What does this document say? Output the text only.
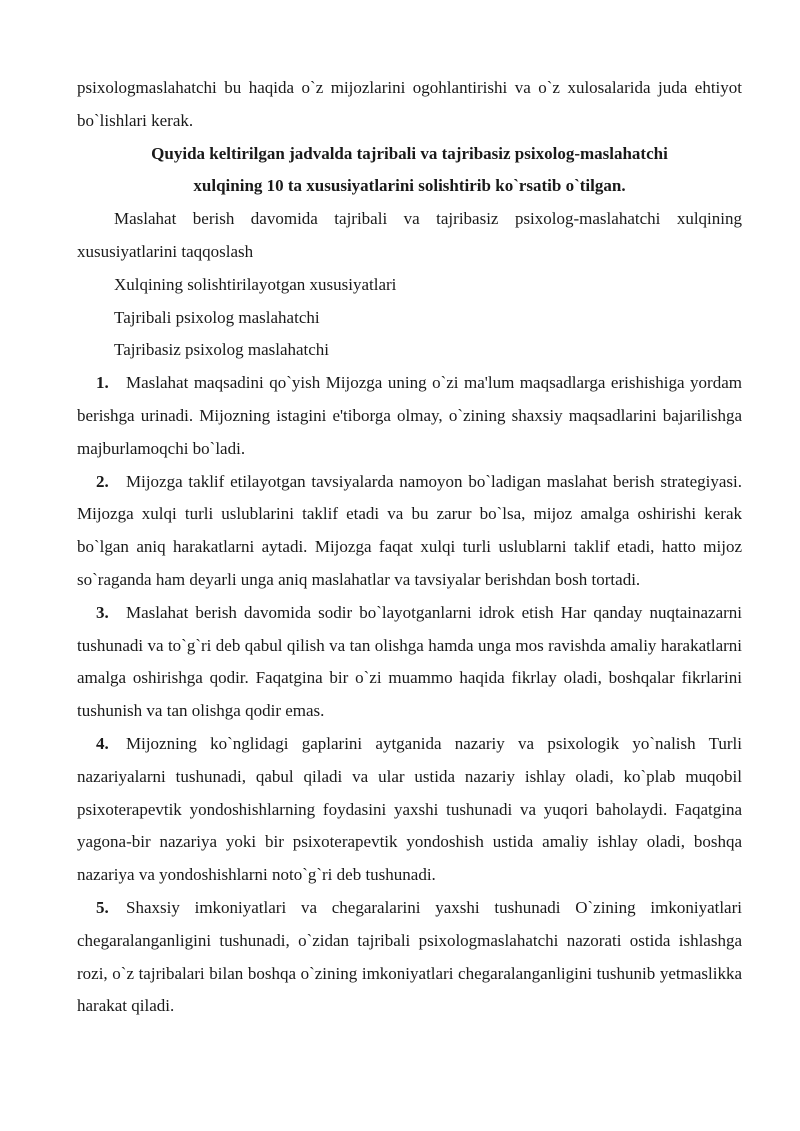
psixologmaslahatchi bu haqida o`z mijozlarini ogohlantirishi va o`z xulosalarida juda ehtiyot bo`lishlari kerak.

Quyida keltirilgan jadvalda tajribali va tajribasiz psixolog-maslahatchi

xulqining 10 ta xususiyatlarini solishtirib ko`rsatib o`tilgan.

Maslahat berish davomida tajribali va tajribasiz psixolog-maslahatchi xulqining xususiyatlarini taqqoslash

Xulqining solishtirilayotgan xususiyatlari

Tajribali psixolog maslahatchi

Tajribasiz psixolog maslahatchi

1. Maslahat maqsadini qo`yish Mijozga uning o`zi ma'lum maqsadlarga erishishiga yordam berishga urinadi. Mijozning istagini e'tiborga olmay, o`zining shaxsiy maqsadlarini bajarilishga majburlamoqchi bo`ladi.

2. Mijozga taklif etilayotgan tavsiyalarda namoyon bo`ladigan maslahat berish strategiyasi. Mijozga xulqi turli uslublarini taklif etadi va bu zarur bo`lsa, mijoz amalga oshirishi kerak bo`lgan aniq harakatlarni aytadi. Mijozga faqat xulqi turli uslublarni taklif etadi, hatto mijoz so`raganda ham deyarli unga aniq maslahatlar va tavsiyalar berishdan bosh tortadi.

3. Maslahat berish davomida sodir bo`layotganlarni idrok etish Har qanday nuqtainazarni tushunadi va to`g`ri deb qabul qilish va tan olishga hamda unga mos ravishda amaliy harakatlarni amalga oshirishga qodir. Faqatgina bir o`zi muammo haqida fikrlay oladi, boshqalar fikrlarini tushunish va tan olishga qodir emas.

4. Mijozning ko`nglidagi gaplarini aytganida nazariy va psixologik yo`nalish Turli nazariyalarni tushunadi, qabul qiladi va ular ustida nazariy ishlay oladi, ko`plab muqobil psixoterapevtik yondoshishlarning foydasini yaxshi tushunadi va yuqori baholaydi. Faqatgina yagona-bir nazariya yoki bir psixoterapevtik yondoshish ustida amaliy ishlay oladi, boshqa nazariya va yondoshishlarni noto`g`ri deb tushunadi.

5. Shaxsiy imkoniyatlari va chegaralarini yaxshi tushunadi O`zining imkoniyatlari chegaralanganligini tushunadi, o`zidan tajribali psixologmaslahatchi nazorati ostida ishlashga rozi, o`z tajribalari bilan boshqa o`zining imkoniyatlari chegaralanganligini tushunib yetmaslikka harakat qiladi.
